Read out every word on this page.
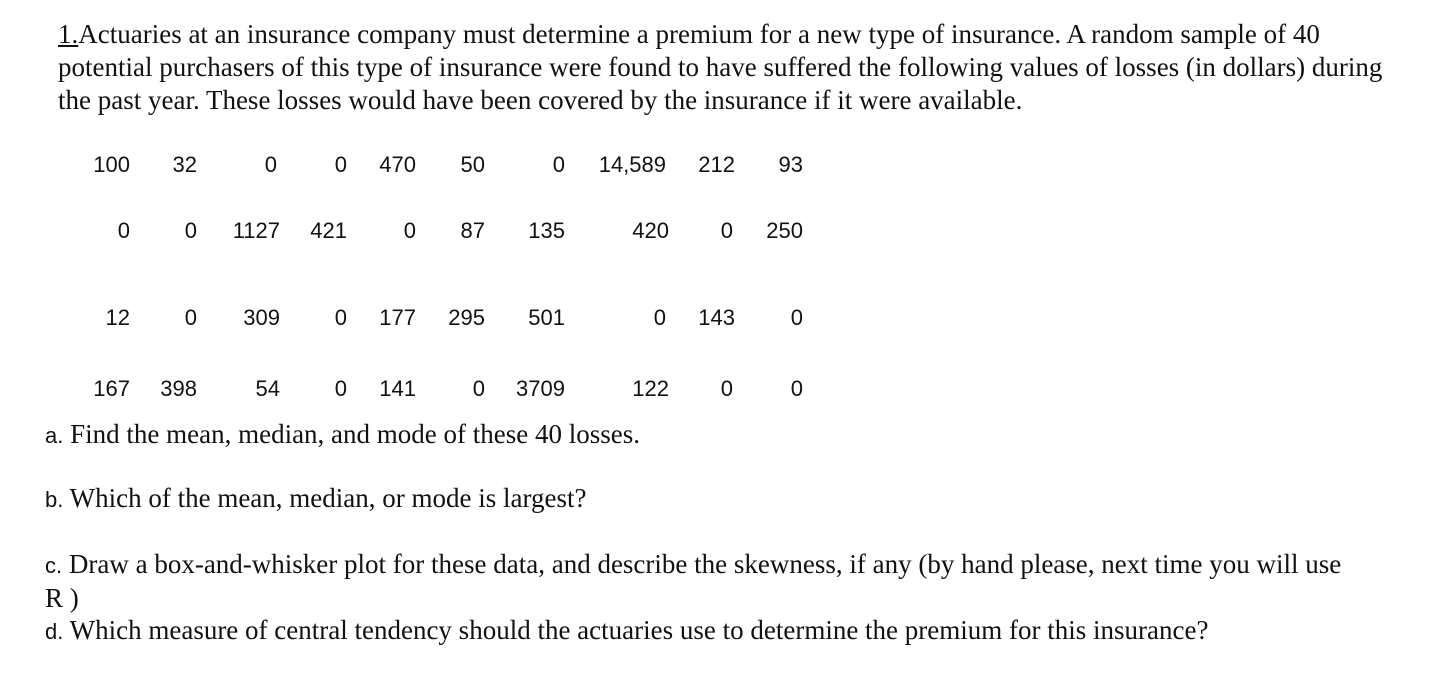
1.Actuaries at an insurance company must determine a premium for a new type of insurance. A random sample of 40 potential purchasers of this type of insurance were found to have suffered the following values of losses (in dollars) during the past year. These losses would have been covered by the insurance if it were available.
100	32	0	0	470	50	0	14,589	212	93
0	0	1127	421	0	87	135	420	0	250
12	0	309	0	177	295	501	0	143	0
167	398	54	0	141	0	3709	122	0	0
a. Find the mean, median, and mode of these 40 losses.
b. Which of the mean, median, or mode is largest?
c. Draw a box-and-whisker plot for these data, and describe the skewness, if any (by hand please, next time you will use R )
d. Which measure of central tendency should the actuaries use to determine the premium for this insurance?
